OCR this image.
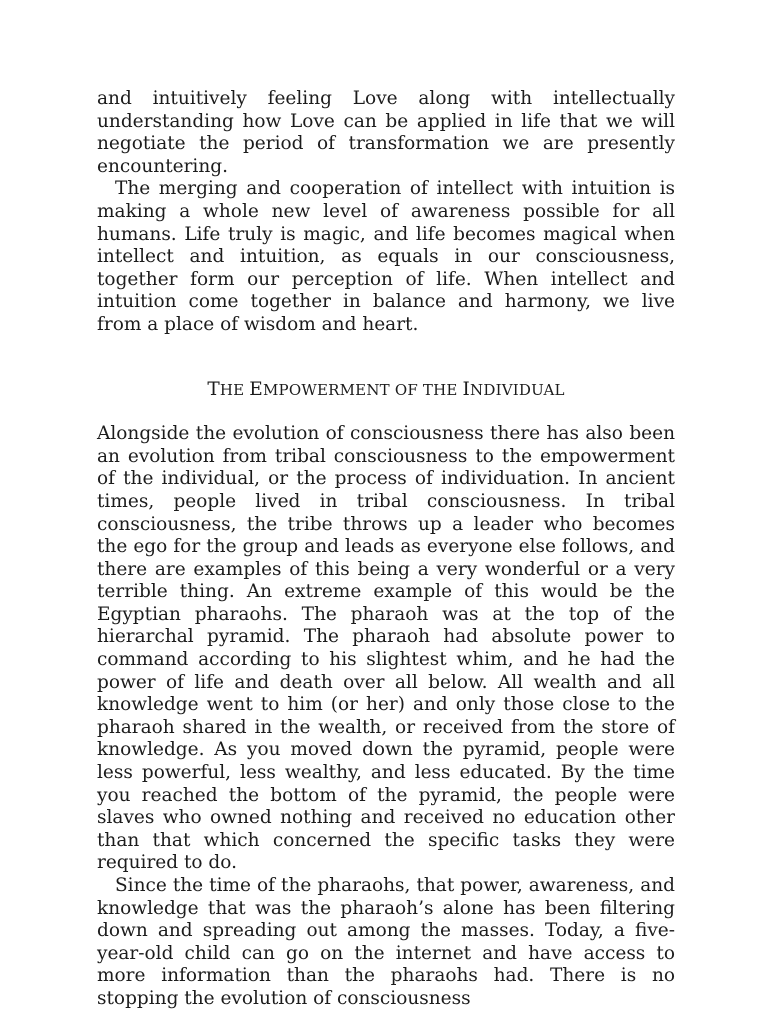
and intuitively feeling Love along with intellectually understanding how Love can be applied in life that we will negotiate the period of transformation we are presently encountering.

The merging and cooperation of intellect with intuition is making a whole new level of awareness possible for all humans. Life truly is magic, and life becomes magical when intellect and intuition, as equals in our consciousness, together form our perception of life. When intellect and intuition come together in balance and harmony, we live from a place of wisdom and heart.

THE EMPOWERMENT OF THE INDIVIDUAL

Alongside the evolution of consciousness there has also been an evolution from tribal consciousness to the empowerment of the individual, or the process of individuation. In ancient times, people lived in tribal consciousness. In tribal consciousness, the tribe throws up a leader who becomes the ego for the group and leads as everyone else follows, and there are examples of this being a very wonderful or a very terrible thing. An extreme example of this would be the Egyptian pharaohs. The pharaoh was at the top of the hierarchal pyramid. The pharaoh had absolute power to command according to his slightest whim, and he had the power of life and death over all below. All wealth and all knowledge went to him (or her) and only those close to the pharaoh shared in the wealth, or received from the store of knowledge. As you moved down the pyramid, people were less powerful, less wealthy, and less educated. By the time you reached the bottom of the pyramid, the people were slaves who owned nothing and received no education other than that which concerned the specific tasks they were required to do.

Since the time of the pharaohs, that power, awareness, and knowledge that was the pharaoh’s alone has been filtering down and spreading out among the masses. Today, a five-year-old child can go on the internet and have access to more information than the pharaohs had. There is no stopping the evolution of consciousness
